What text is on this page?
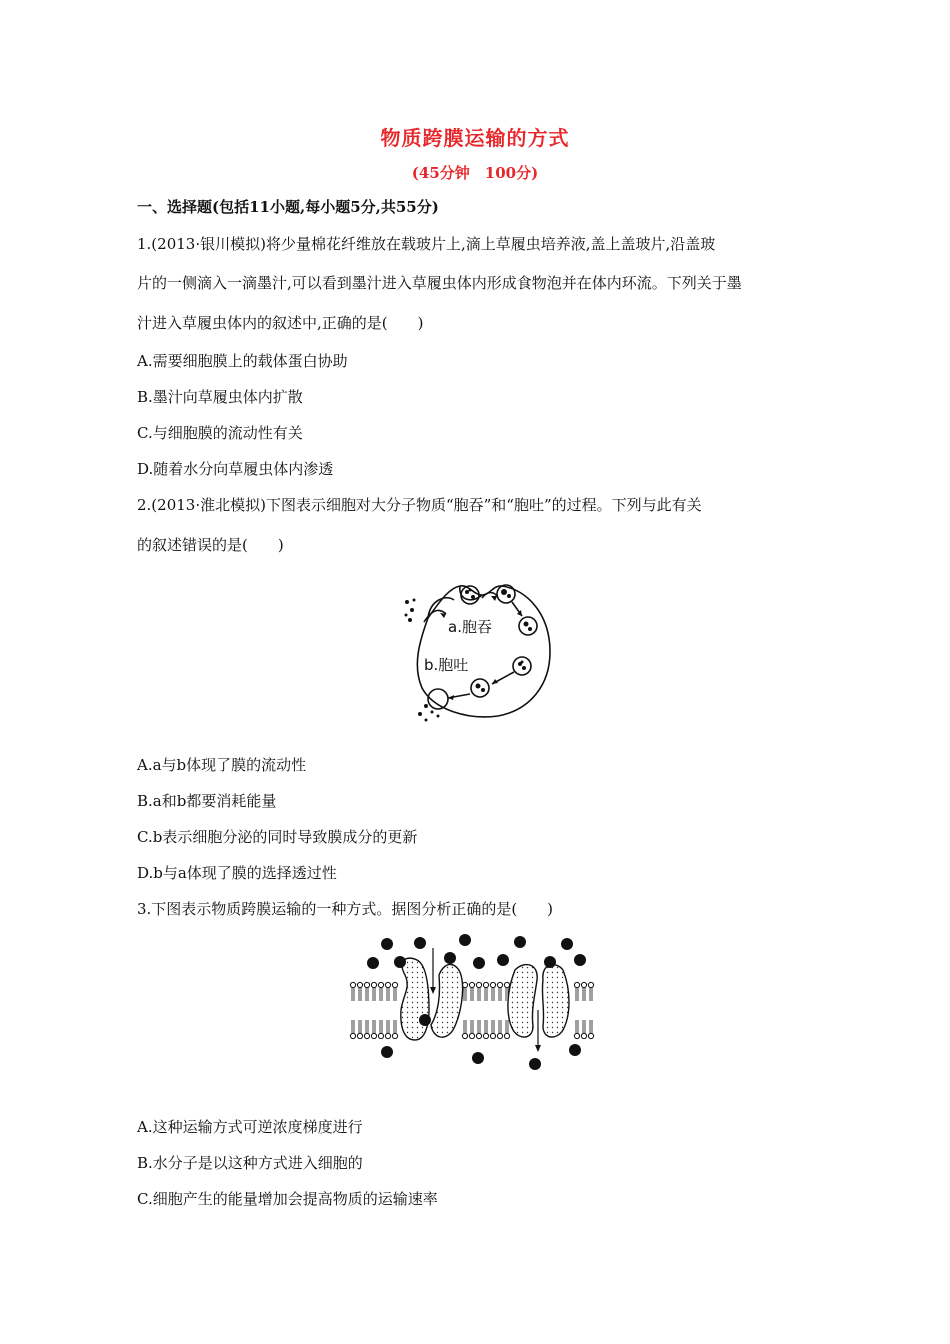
物质跨膜运输的方式
(45分钟　100分)
一、选择题(包括11小题,每小题5分,共55分)
1.(2013·银川模拟)将少量棉花纤维放在载玻片上,滴上草履虫培养液,盖上盖玻片,沿盖玻
片的一侧滴入一滴墨汁,可以看到墨汁进入草履虫体内形成食物泡并在体内环流。下列关于墨
汁进入草履虫体内的叙述中,正确的是(　　)
A.需要细胞膜上的载体蛋白协助
B.墨汁向草履虫体内扩散
C.与细胞膜的流动性有关
D.随着水分向草履虫体内渗透
2.(2013·淮北模拟)下图表示细胞对大分子物质“胞吞”和“胞吐”的过程。下列与此有关
的叙述错误的是(　　)
a.胞吞
b.胞吐
A.a与b体现了膜的流动性
B.a和b都要消耗能量
C.b表示细胞分泌的同时导致膜成分的更新
D.b与a体现了膜的选择透过性
3.下图表示物质跨膜运输的一种方式。据图分析正确的是(　　)
A.这种运输方式可逆浓度梯度进行
B.水分子是以这种方式进入细胞的
C.细胞产生的能量增加会提高物质的运输速率
